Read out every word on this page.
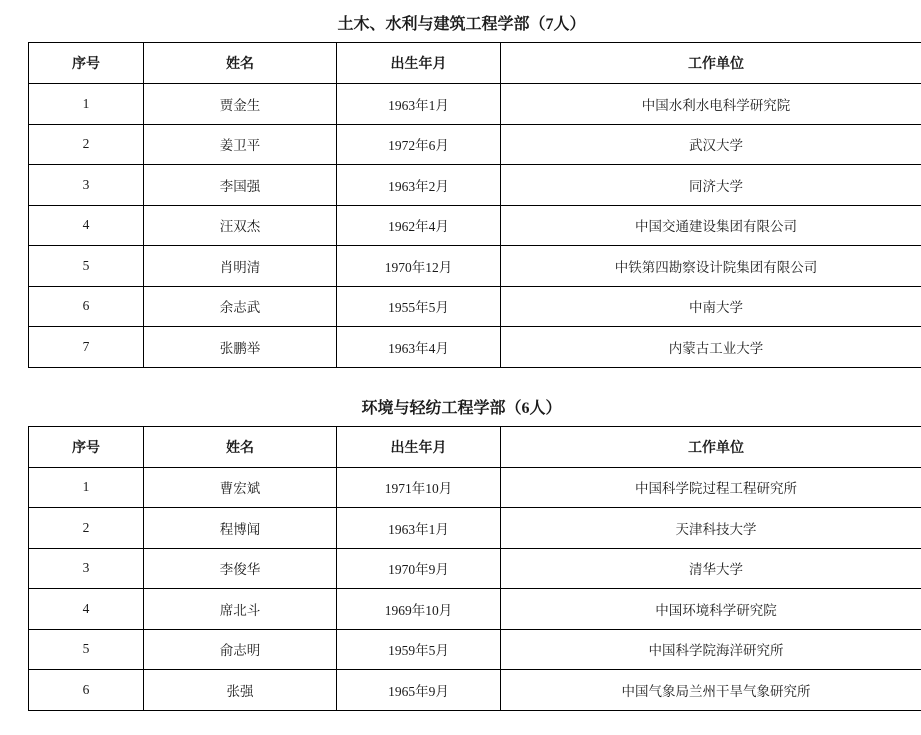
土木、水利与建筑工程学部（7人）
序号	姓名	出生年月	工作单位
1	贾金生	1963年1月	中国水利水电科学研究院
2	姜卫平	1972年6月	武汉大学
3	李国强	1963年2月	同济大学
4	汪双杰	1962年4月	中国交通建设集团有限公司
5	肖明清	1970年12月	中铁第四勘察设计院集团有限公司
6	余志武	1955年5月	中南大学
7	张鹏举	1963年4月	内蒙古工业大学
环境与轻纺工程学部（6人）
序号	姓名	出生年月	工作单位
1	曹宏斌	1971年10月	中国科学院过程工程研究所
2	程博闻	1963年1月	天津科技大学
3	李俊华	1970年9月	清华大学
4	席北斗	1969年10月	中国环境科学研究院
5	俞志明	1959年5月	中国科学院海洋研究所
6	张强	1965年9月	中国气象局兰州干旱气象研究所
